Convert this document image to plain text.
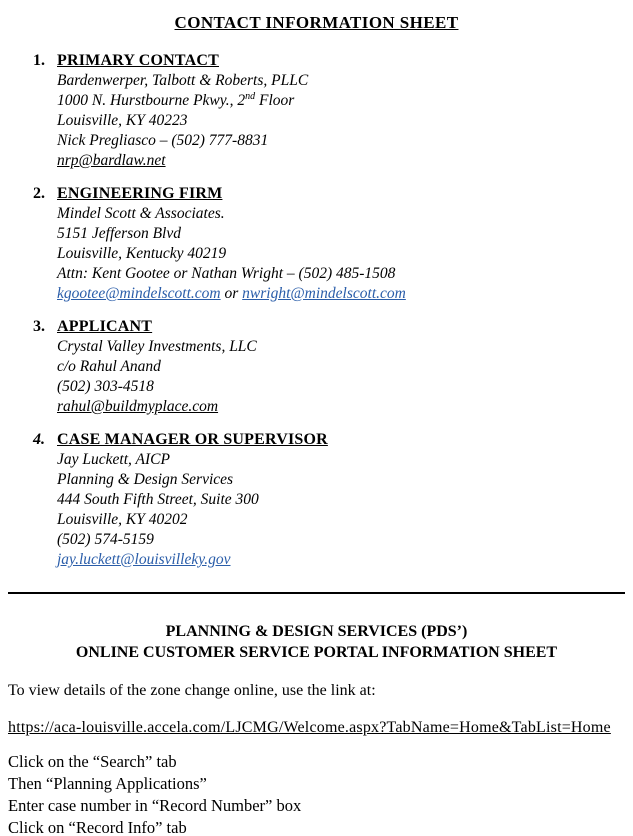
CONTACT INFORMATION SHEET
1. PRIMARY CONTACT
Bardenwerper, Talbott & Roberts, PLLC
1000 N. Hurstbourne Pkwy., 2nd Floor
Louisville, KY 40223
Nick Pregliasco – (502) 777-8831
nrp@bardlaw.net
2. ENGINEERING FIRM
Mindel Scott & Associates.
5151 Jefferson Blvd
Louisville, Kentucky 40219
Attn: Kent Gootee or Nathan Wright – (502) 485-1508
kgootee@mindelscott.com or nwright@mindelscott.com
3. APPLICANT
Crystal Valley Investments, LLC
c/o Rahul Anand
(502) 303-4518
rahul@buildmyplace.com
4. CASE MANAGER OR SUPERVISOR
Jay Luckett, AICP
Planning & Design Services
444 South Fifth Street, Suite 300
Louisville, KY 40202
(502) 574-5159
jay.luckett@louisvilleky.gov
PLANNING & DESIGN SERVICES (PDS’)
ONLINE CUSTOMER SERVICE PORTAL INFORMATION SHEET
To view details of the zone change online, use the link at:
https://aca-louisville.accela.com/LJCMG/Welcome.aspx?TabName=Home&TabList=Home
Click on the “Search” tab
Then “Planning Applications”
Enter case number in “Record Number” box
Click on “Record Info” tab
